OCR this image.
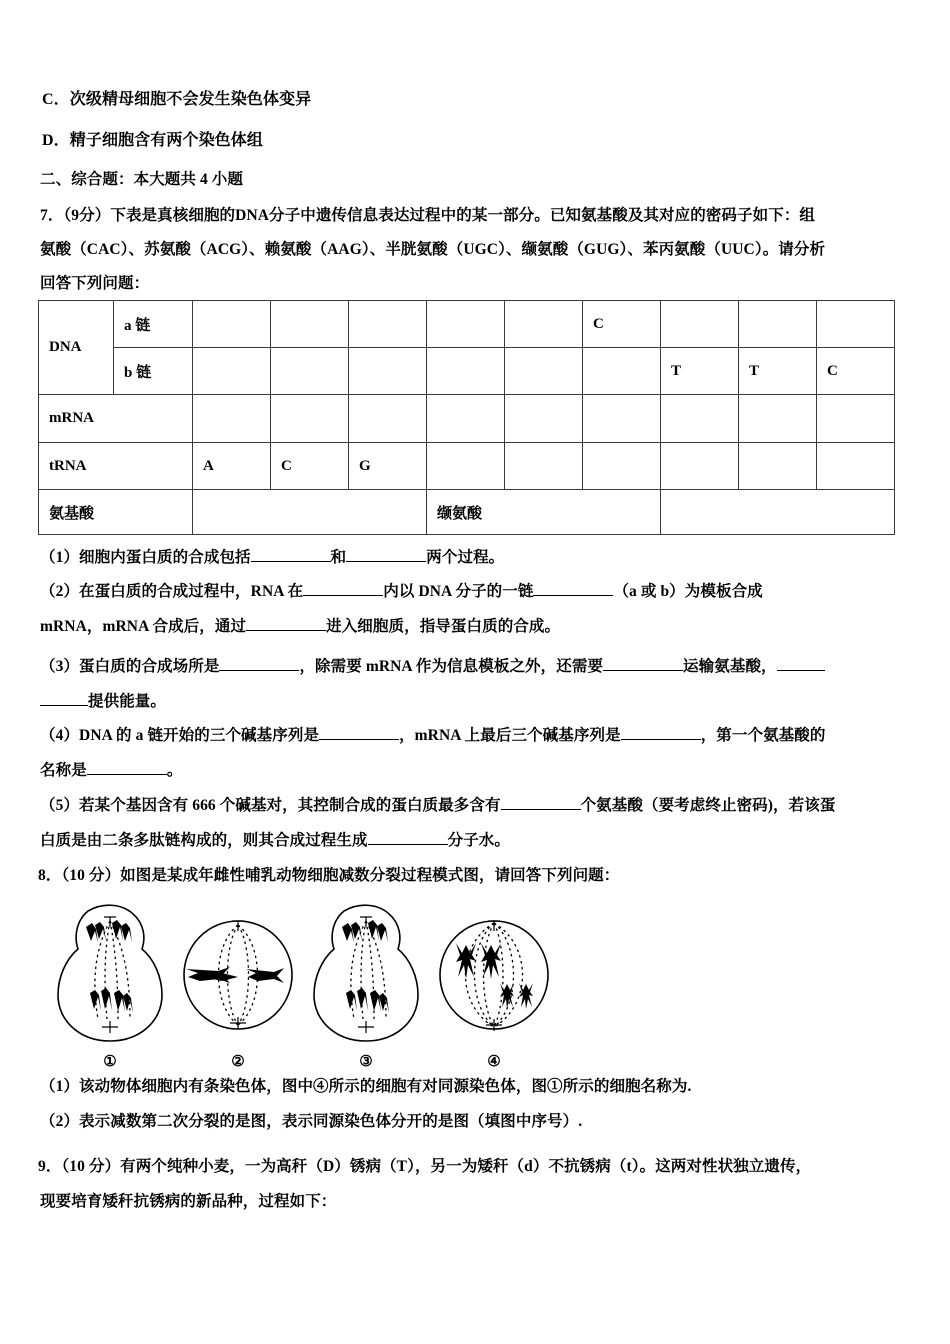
C．次级精母细胞不会发生染色体变异
D．精子细胞含有两个染色体组
二、综合题：本大题共 4 小题
7．（9分）下表是真核细胞的DNA分子中遗传信息表达过程中的某一部分。已知氨基酸及其对应的密码子如下：组
氨酸（CAC）、苏氨酸（ACG）、赖氨酸（AAG）、半胱氨酸（UGC）、缬氨酸（GUG）、苯丙氨酸（UUC）。请分析
回答下列问题：
DNA	a 链						C			
	b 链							T	T	C
mRNA										
tRNA		A	C	G						
氨基酸					缬氨酸					
（1）细胞内蛋白质的合成包括	和	两个过程。
（2）在蛋白质的合成过程中，RNA 在	内以 DNA 分子的一链	（a 或 b）为模板合成
mRNA，mRNA 合成后，通过	进入细胞质，指导蛋白质的合成。
（3）蛋白质的合成场所是	，除需要 mRNA 作为信息模板之外，还需要	运输氨基酸，
提供能量。
（4）DNA 的 a 链开始的三个碱基序列是	，mRNA 上最后三个碱基序列是	，第一个氨基酸的
名称是	。
（5）若某个基因含有 666 个碱基对，其控制合成的蛋白质最多含有	个氨基酸（要考虑终止密码)，若该蛋
白质是由二条多肽链构成的，则其合成过程生成	分子水。
8．（10 分）如图是某成年雌性哺乳动物细胞减数分裂过程模式图，请回答下列问题：
①	②	③	④
（1）该动物体细胞内有条染色体，图中④所示的细胞有对同源染色体，图①所示的细胞名称为.
（2）表示减数第二次分裂的是图，表示同源染色体分开的是图（填图中序号）.
9．（10 分）有两个纯种小麦，一为高秆（D）锈病（T），另一为矮秆（d）不抗锈病（t）。这两对性状独立遗传，
现要培育矮秆抗锈病的新品种，过程如下：
